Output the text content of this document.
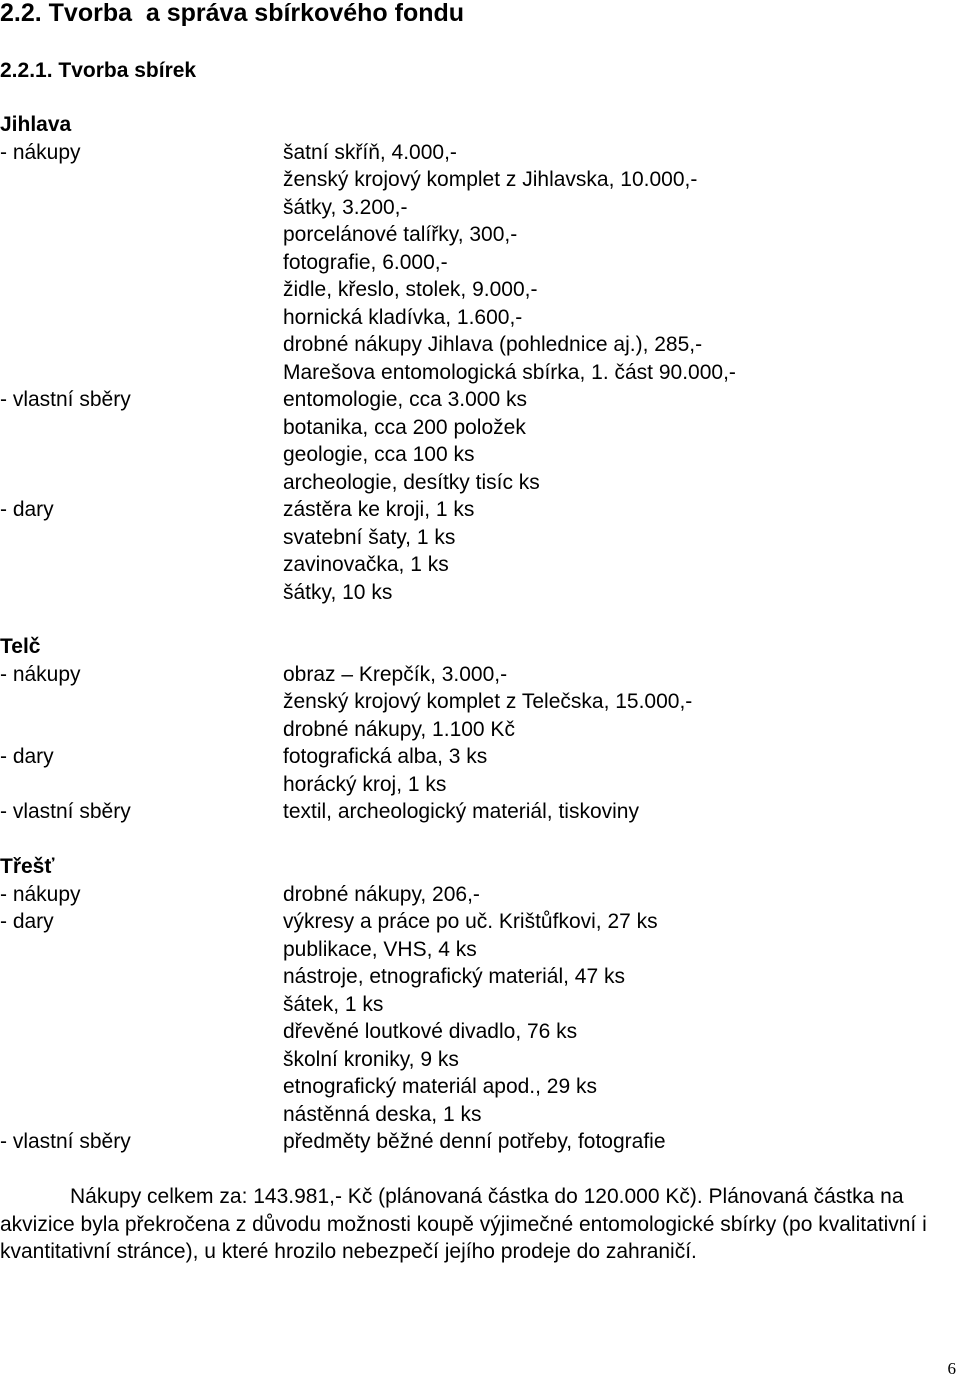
2.2. Tvorba  a správa sbírkového fondu
2.2.1. Tvorba sbírek
Jihlava
- nákupy	šatní skříň, 4.000,-
ženský krojový komplet z Jihlavska, 10.000,-
šátky, 3.200,-
porcelánové talířky, 300,-
fotografie, 6.000,-
židle, křeslo, stolek, 9.000,-
hornická kladívka, 1.600,-
drobné nákupy Jihlava (pohlednice aj.), 285,-
Marešova entomologická sbírka, 1. část 90.000,-
- vlastní sběry	entomologie, cca 3.000 ks
botanika, cca 200 položek
geologie, cca 100 ks
archeologie, desítky tisíc ks
- dary	zástěra ke kroji, 1 ks
svatební šaty, 1 ks
zavinovačka, 1 ks
šátky, 10 ks
Telč
- nákupy	obraz – Krepčík, 3.000,-
ženský krojový komplet z Telečska, 15.000,-
drobné nákupy, 1.100 Kč
- dary	fotografická alba, 3 ks
horácký kroj, 1 ks
- vlastní sběry	textil, archeologický materiál, tiskoviny
Třešť
- nákupy	drobné nákupy, 206,-
- dary	výkresy a práce po uč. Krištůfkovi, 27 ks
publikace, VHS, 4 ks
nástroje, etnografický materiál, 47 ks
šátek, 1 ks
dřevěné loutkové divadlo, 76 ks
školní kroniky, 9 ks
etnografický materiál apod., 29 ks
nástěnná deska, 1 ks
- vlastní sběry	předměty běžné denní potřeby, fotografie

Nákupy celkem za: 143.981,- Kč (plánovaná částka do 120.000 Kč). Plánovaná částka na akvizice byla překročena z důvodu možnosti koupě výjimečné entomologické sbírky (po kvalitativní i kvantitativní stránce), u které hrozilo nebezpečí jejího prodeje do zahraničí.

6
